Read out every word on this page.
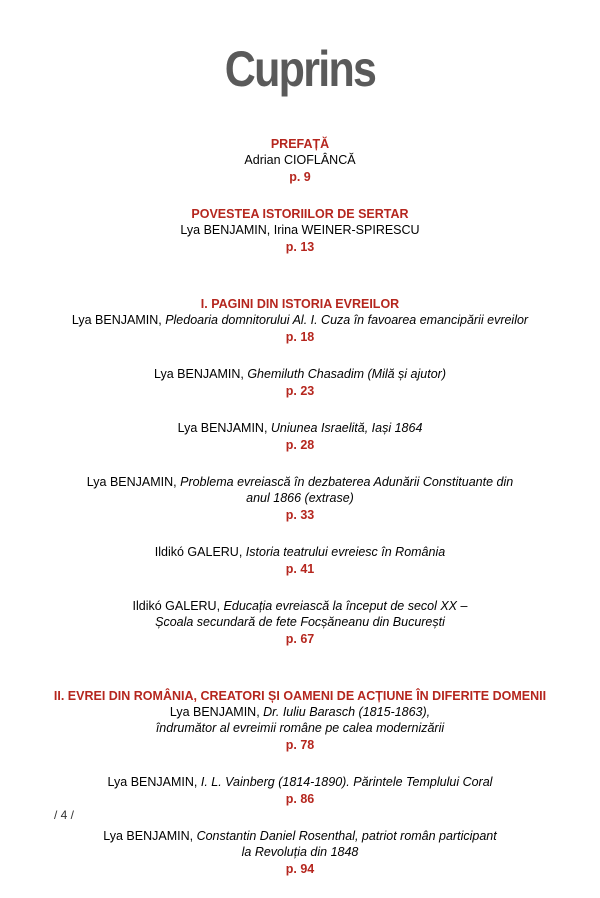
Cuprins
PREFAȚĂ
Adrian CIOFLÂNCĂ
p. 9
POVESTEA ISTORIILOR DE SERTAR
Lya BENJAMIN, Irina WEINER-SPIRESCU
p. 13
I. PAGINI DIN ISTORIA EVREILOR
Lya BENJAMIN, Pledoaria domnitorului Al. I. Cuza în favoarea emancipării evreilor
p. 18
Lya BENJAMIN, Ghemiluth Chasadim (Milă și ajutor)
p. 23
Lya BENJAMIN, Uniunea Israelită, Iași 1864
p. 28
Lya BENJAMIN, Problema evreiască în dezbaterea Adunării Constituante din
anul 1866 (extrase)
p. 33
Ildikó GALERU, Istoria teatrului evreiesc în România
p. 41
Ildikó GALERU, Educația evreiască la început de secol XX –
Școala secundară de fete Focșăneanu din București
p. 67
II. EVREI DIN ROMÂNIA, CREATORI ȘI OAMENI DE ACȚIUNE ÎN DIFERITE DOMENII
Lya BENJAMIN, Dr. Iuliu Barasch (1815-1863),
îndrumător al evreimii române pe calea modernizării
p. 78
Lya BENJAMIN, I. L. Vainberg (1814-1890). Părintele Templului Coral
p. 86
Lya BENJAMIN, Constantin Daniel Rosenthal, patriot român participant
la Revoluția din 1848
p. 94
/ 4 /
